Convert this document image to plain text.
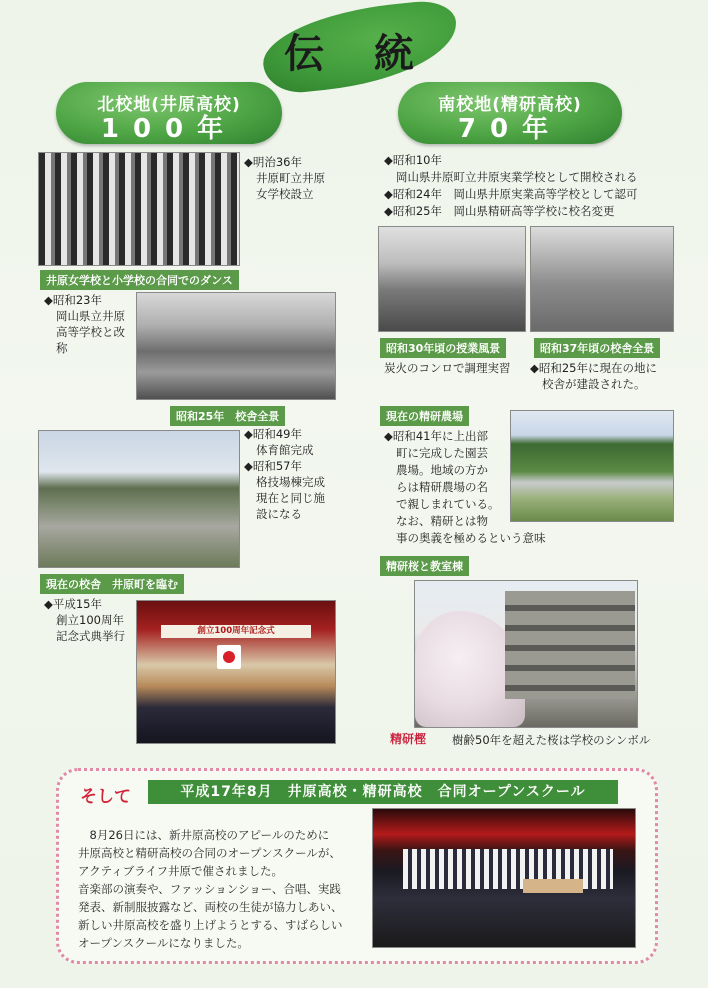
伝 統
北校地(井原高校)
100年
南校地(精研高校)
70年

◆明治36年

井原町立井原

女学校設立

井原女学校と小学校の合同でのダンス

◆昭和23年

岡山県立井原

高等学校と改

称

昭和25年　校舎全景

◆昭和49年

体育館完成

◆昭和57年

格技場棟完成

現在と同じ施

設になる

現在の校舎　井原町を臨む

◆平成15年

創立100周年

記念式典挙行	創立100周年記念式

◆昭和10年

岡山県井原町立井原実業学校として開校される

◆昭和24年　岡山県井原実業高等学校として認可

◆昭和25年　岡山県精研高等学校に校名変更

昭和30年頃の授業風景	昭和37年頃の校舎全景
炭火のコンロで調理実習 ◆昭和25年に現在の地に

校舎が建設された。

現在の精研農場

◆昭和41年に上出部

町に完成した園芸

農場。地域の方か

らは精研農場の名

で親しまれている。

なお、精研とは物

事の奥義を極めるという意味

精研桜と教室棟
精研樫 樹齢50年を超えた桜は学校のシンボル
そして	平成17年8月　井原高校・精研高校　合同オープンスクール

　8月26日には、新井原高校のアピールのために

井原高校と精研高校の合同のオープンスクールが、

アクティブライフ井原で催されました。

音楽部の演奏や、ファッションショー、合唱、実践

発表、新制服披露など、両校の生徒が協力しあい、

新しい井原高校を盛り上げようとする、すばらしい

オープンスクールになりました。
